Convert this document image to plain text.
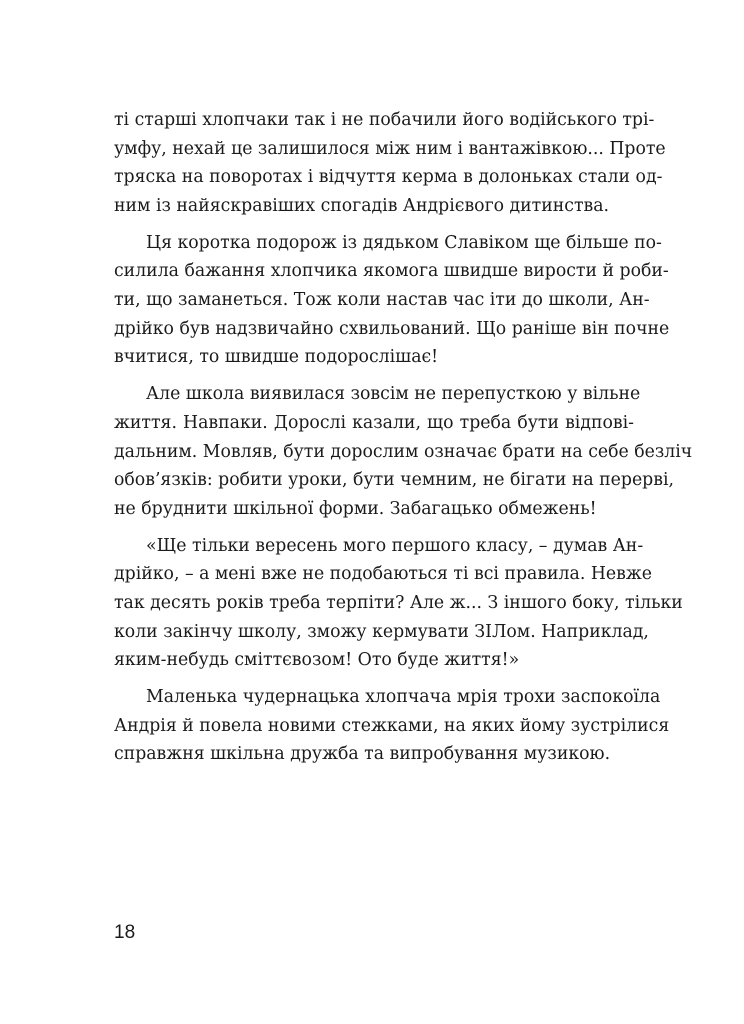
ті старші хлопчаки так і не побачили його водійського трі-
умфу, нехай це залишилося між ним і вантажівкою... Проте
тряска на поворотах і відчуття керма в долоньках стали од-
ним із найяскравіших спогадів Андрієвого дитинства.

Ця коротка подорож із дядьком Славіком ще більше по-
силила бажання хлопчика якомога швидше вирости й роби-
ти, що заманеться. Тож коли настав час іти до школи, Ан-
дрійко був надзвичайно схвильований. Що раніше він почне
вчитися, то швидше подорослішає!

Але школа виявилася зовсім не перепусткою у вільне
життя. Навпаки. Дорослі казали, що треба бути відпові-
дальним. Мовляв, бути дорослим означає брати на себе безліч
обов’язків: робити уроки, бути чемним, не бігати на перерві,
не бруднити шкільної форми. Забагацько обмежень!

«Ще тільки вересень мого першого класу, – думав Ан-
дрійко, – а мені вже не подобаються ті всі правила. Невже
так десять років треба терпіти? Але ж... З іншого боку, тільки
коли закінчу школу, зможу кермувати ЗІЛом. Наприклад,
яким-небудь сміттєвозом! Ото буде життя!»

Маленька чудернацька хлопчача мрія трохи заспокоїла
Андрія й повела новими стежками, на яких йому зустрілися
справжня шкільна дружба та випробування музикою.

18
